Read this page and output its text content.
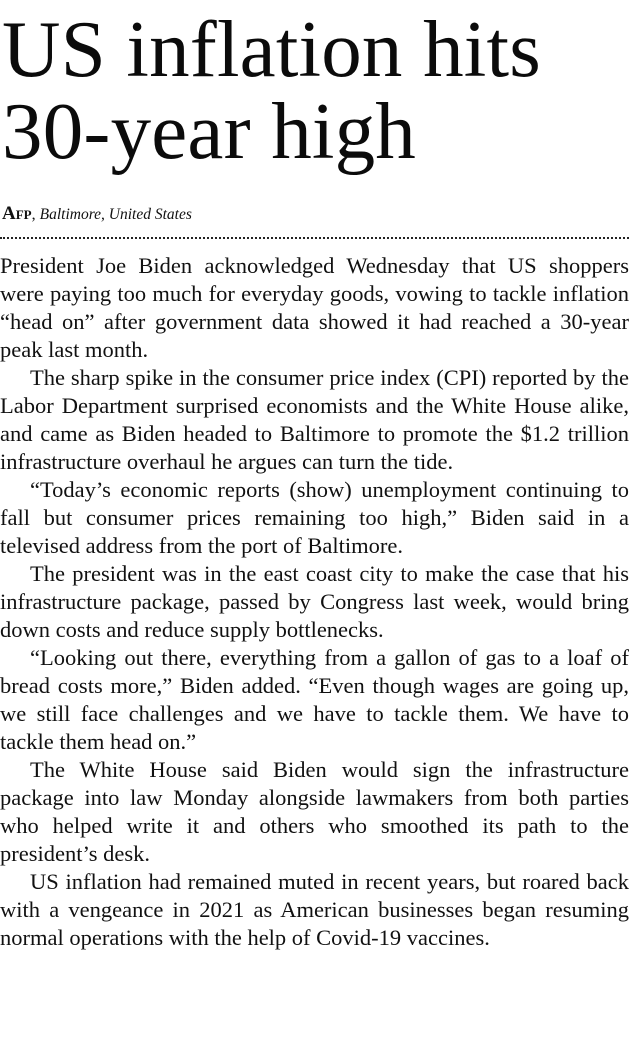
US inflation hits 30-year high
Afp, Baltimore, United States

President Joe Biden acknowledged Wednesday that US shoppers were paying too much for everyday goods, vowing to tackle inflation “head on” after government data showed it had reached a 30-year peak last month.

The sharp spike in the consumer price index (CPI) reported by the Labor Department surprised economists and the White House alike, and came as Biden headed to Baltimore to promote the $1.2 trillion infrastructure overhaul he argues can turn the tide.

“Today’s economic reports (show) unemployment continuing to fall but consumer prices remaining too high,” Biden said in a televised address from the port of Baltimore.

The president was in the east coast city to make the case that his infrastructure package, passed by Congress last week, would bring down costs and reduce supply bottlenecks.

“Looking out there, everything from a gallon of gas to a loaf of bread costs more,” Biden added. “Even though wages are going up, we still face challenges and we have to tackle them. We have to tackle them head on.”

The White House said Biden would sign the infrastructure package into law Monday alongside lawmakers from both parties who helped write it and others who smoothed its path to the president’s desk.

US inflation had remained muted in recent years, but roared back with a vengeance in 2021 as American businesses began resuming normal operations with the help of Covid-19 vaccines.
